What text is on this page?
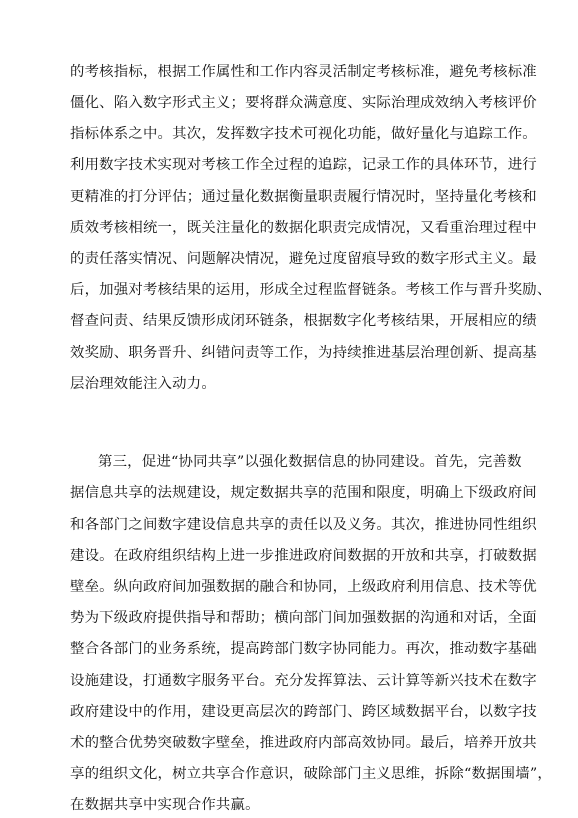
的考核指标，根据工作属性和工作内容灵活制定考核标准，避免考核标准
僵化、陷入数字形式主义；要将群众满意度、实际治理成效纳入考核评价
指标体系之中。其次，发挥数字技术可视化功能，做好量化与追踪工作。
利用数字技术实现对考核工作全过程的追踪，记录工作的具体环节，进行
更精准的打分评估；通过量化数据衡量职责履行情况时，坚持量化考核和
质效考核相统一，既关注量化的数据化职责完成情况，又看重治理过程中
的责任落实情况、问题解决情况，避免过度留痕导致的数字形式主义。最
后，加强对考核结果的运用，形成全过程监督链条。考核工作与晋升奖励、
督查问责、结果反馈形成闭环链条，根据数字化考核结果，开展相应的绩
效奖励、职务晋升、纠错问责等工作，为持续推进基层治理创新、提高基
层治理效能注入动力。
第三，促进“协同共享”以强化数据信息的协同建设。首先，完善数
据信息共享的法规建设，规定数据共享的范围和限度，明确上下级政府间
和各部门之间数字建设信息共享的责任以及义务。其次，推进协同性组织
建设。在政府组织结构上进一步推进政府间数据的开放和共享，打破数据
壁垒。纵向政府间加强数据的融合和协同，上级政府利用信息、技术等优
势为下级政府提供指导和帮助；横向部门间加强数据的沟通和对话，全面
整合各部门的业务系统，提高跨部门数字协同能力。再次，推动数字基础
设施建设，打通数字服务平台。充分发挥算法、云计算等新兴技术在数字
政府建设中的作用，建设更高层次的跨部门、跨区域数据平台，以数字技
术的整合优势突破数字壁垒，推进政府内部高效协同。最后，培养开放共
享的组织文化，树立共享合作意识，破除部门主义思维，拆除“数据围墙”，
在数据共享中实现合作共赢。
